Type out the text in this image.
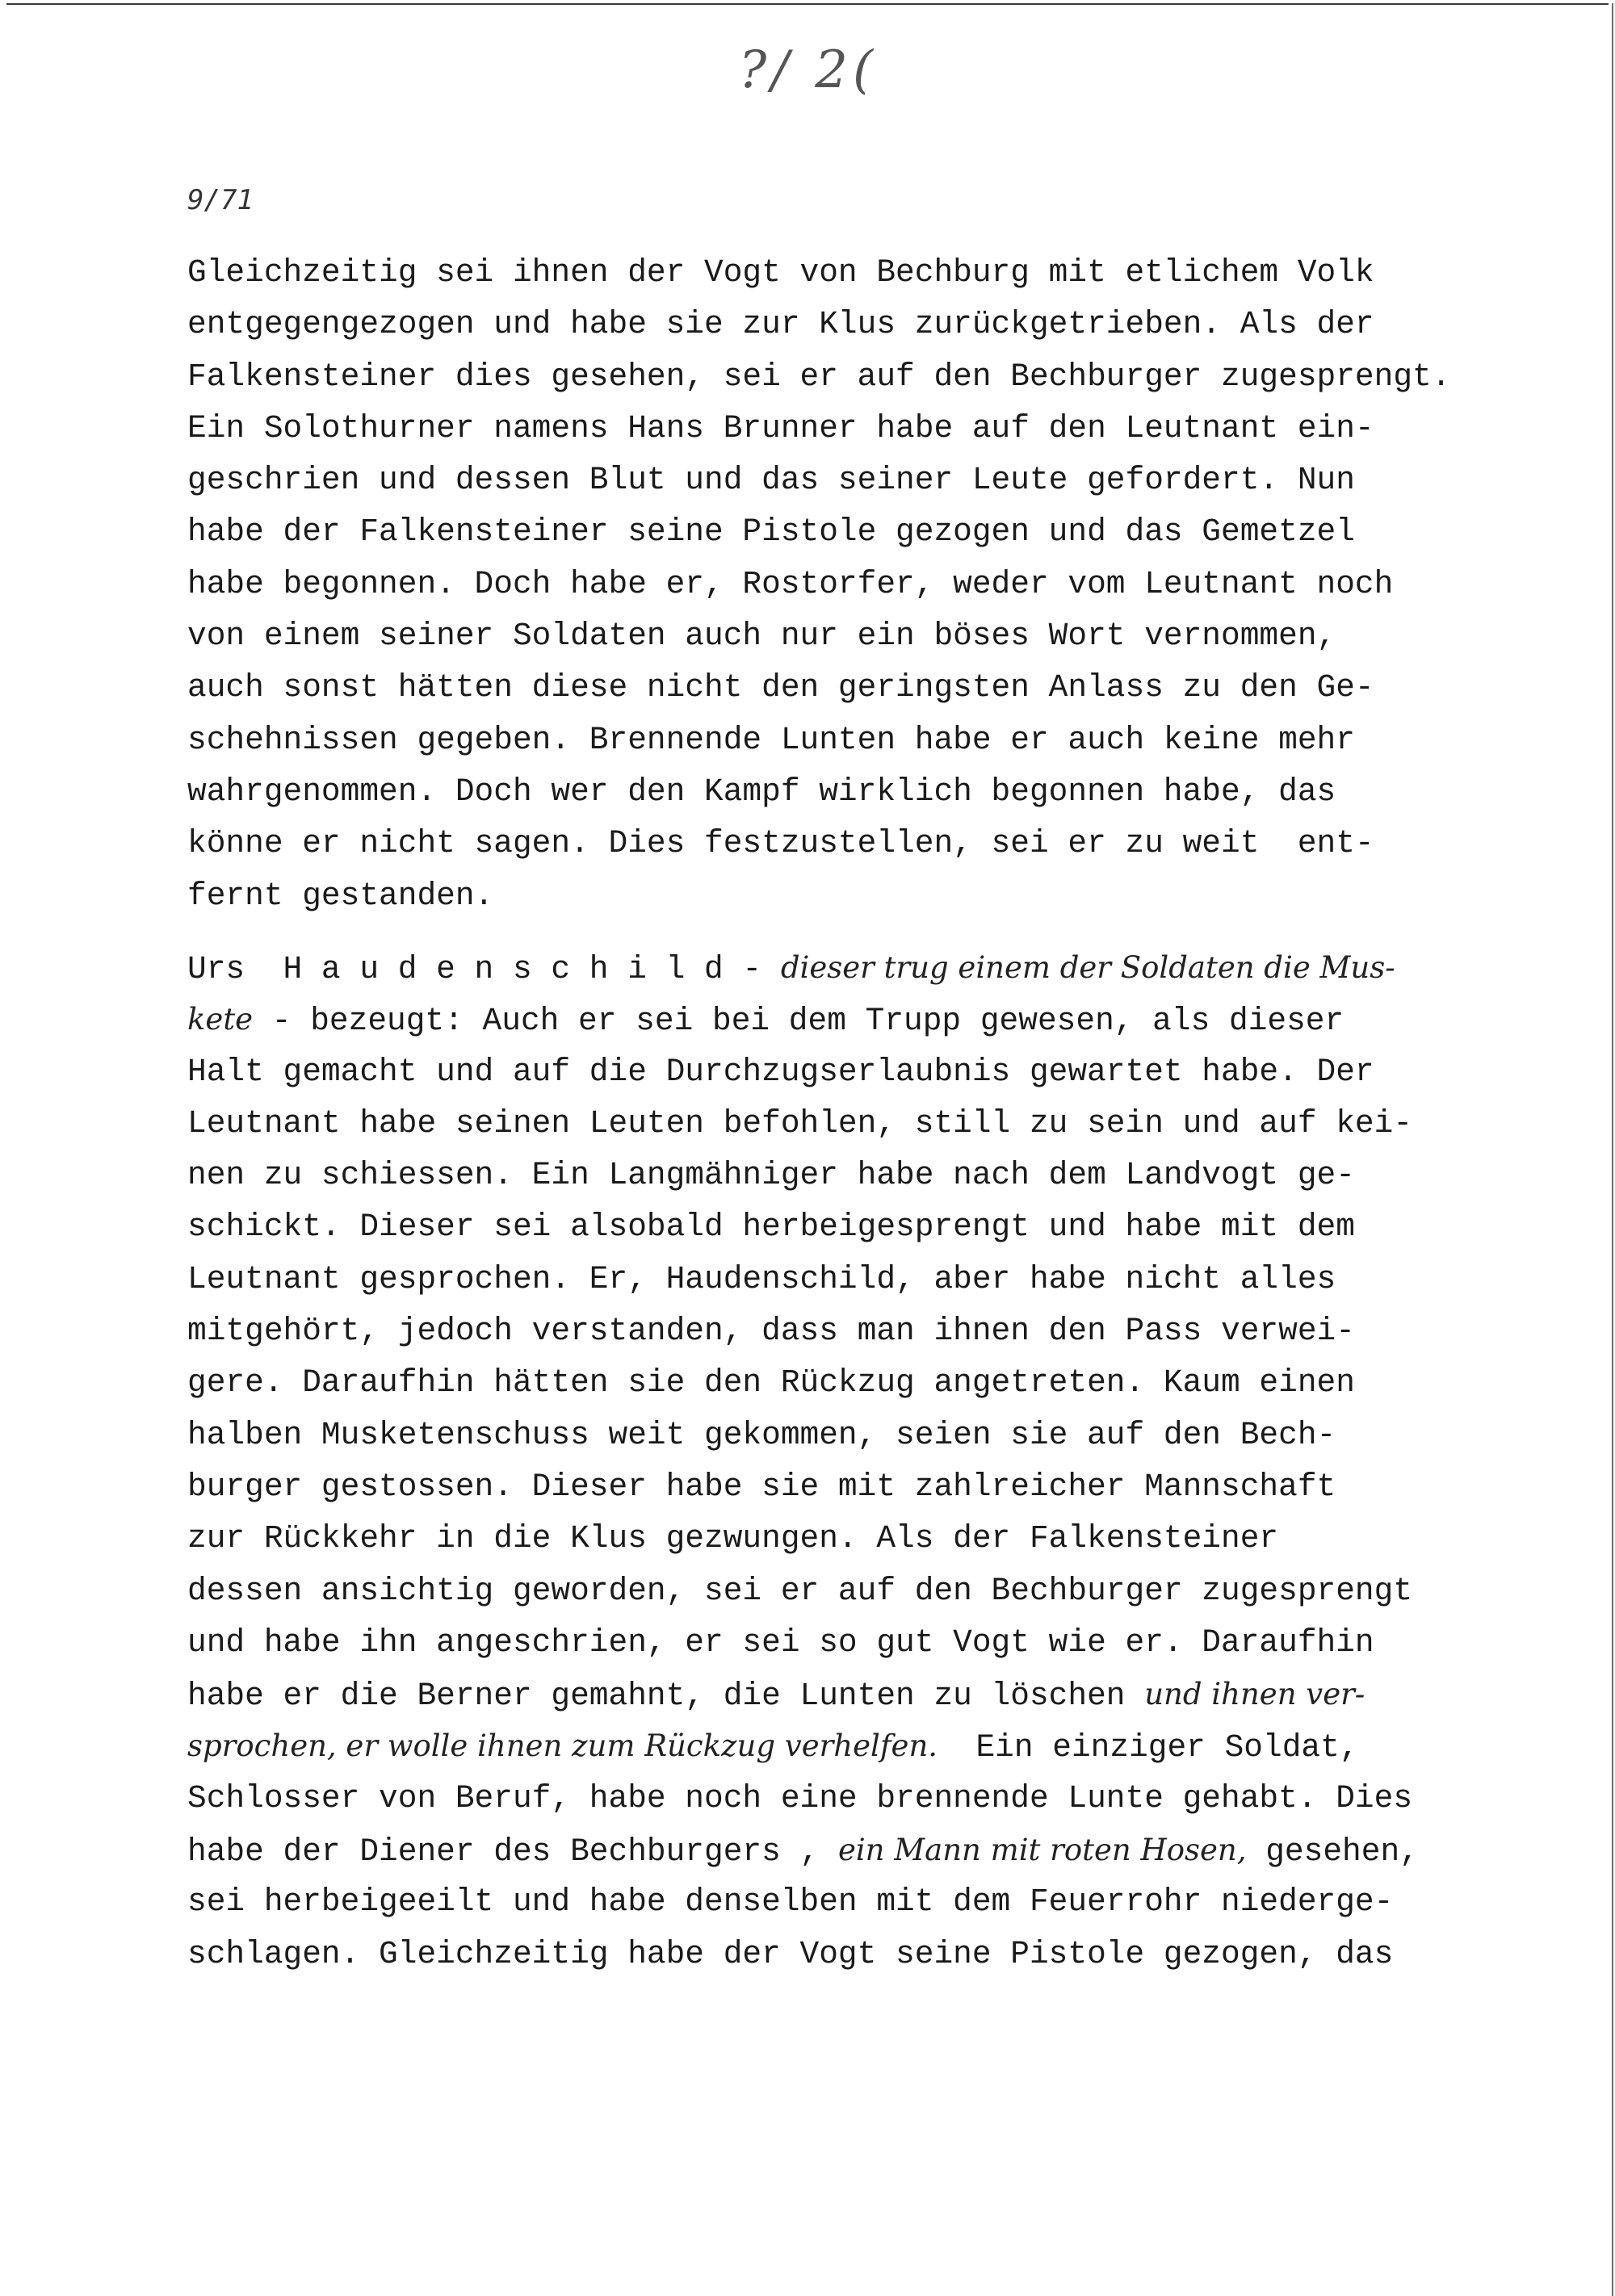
?/ 2(
9/71
Gleichzeitig sei ihnen der Vogt von Bechburg mit etlichem Volk
entgegengezogen und habe sie zur Klus zurückgetrieben. Als der
Falkensteiner dies gesehen, sei er auf den Bechburger zugesprengt.
Ein Solothurner namens Hans Brunner habe auf den Leutnant ein-
geschrien und dessen Blut und das seiner Leute gefordert. Nun
habe der Falkensteiner seine Pistole gezogen und das Gemetzel
habe begonnen. Doch habe er, Rostorfer, weder vom Leutnant noch
von einem seiner Soldaten auch nur ein böses Wort vernommen,
auch sonst hätten diese nicht den geringsten Anlass zu den Ge-
schehnissen gegeben. Brennende Lunten habe er auch keine mehr
wahrgenommen. Doch wer den Kampf wirklich begonnen habe, das
könne er nicht sagen. Dies festzustellen, sei er zu weit  ent-
fernt gestanden.
Urs  H a u d e n s c h i l d - dieser trug einem der Soldaten die Mus-
kete - bezeugt: Auch er sei bei dem Trupp gewesen, als dieser
Halt gemacht und auf die Durchzugserlaubnis gewartet habe. Der
Leutnant habe seinen Leuten befohlen, still zu sein und auf kei-
nen zu schiessen. Ein Langmähniger habe nach dem Landvogt ge-
schickt. Dieser sei alsobald herbeigesprengt und habe mit dem
Leutnant gesprochen. Er, Haudenschild, aber habe nicht alles
mitgehört, jedoch verstanden, dass man ihnen den Pass verwei-
gere. Daraufhin hätten sie den Rückzug angetreten. Kaum einen
halben Musketenschuss weit gekommen, seien sie auf den Bech-
burger gestossen. Dieser habe sie mit zahlreicher Mannschaft
zur Rückkehr in die Klus gezwungen. Als der Falkensteiner
dessen ansichtig geworden, sei er auf den Bechburger zugesprengt
und habe ihn angeschrien, er sei so gut Vogt wie er. Daraufhin
habe er die Berner gemahnt, die Lunten zu löschen und ihnen ver-
sprochen, er wolle ihnen zum Rückzug verhelfen.  Ein einziger Soldat,
Schlosser von Beruf, habe noch eine brennende Lunte gehabt. Dies
habe der Diener des Bechburgers , ein Mann mit roten Hosen, gesehen,
sei herbeigeeilt und habe denselben mit dem Feuerrohr niederge-
schlagen. Gleichzeitig habe der Vogt seine Pistole gezogen, das
